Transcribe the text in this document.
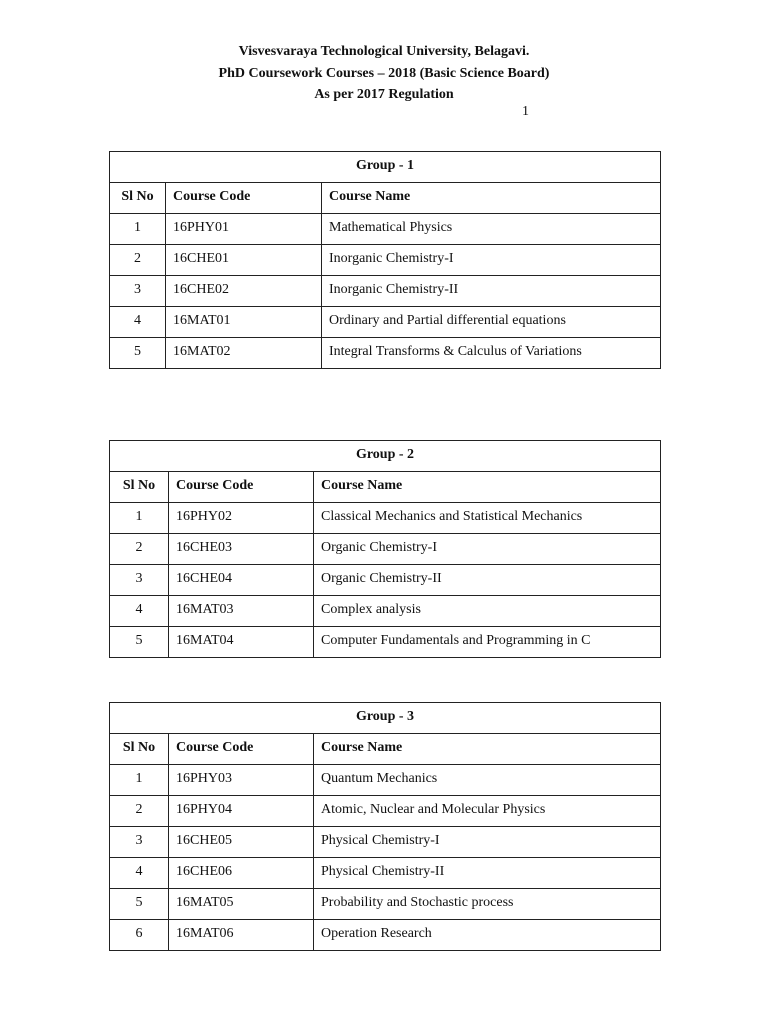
Visvesvaraya Technological University, Belagavi.
PhD Coursework Courses – 2018 (Basic Science Board)
As per 2017 Regulation
1
Group - 1		
Sl No	Course Code	Course Name
1	16PHY01	Mathematical Physics
2	16CHE01	Inorganic Chemistry-I
3	16CHE02	Inorganic Chemistry-II
4	16MAT01	Ordinary and Partial differential equations
5	16MAT02	Integral Transforms & Calculus of Variations
Group - 2		
Sl No	Course Code	Course Name
1	16PHY02	Classical Mechanics and Statistical Mechanics
2	16CHE03	Organic Chemistry-I
3	16CHE04	Organic Chemistry-II
4	16MAT03	Complex analysis
5	16MAT04	Computer Fundamentals and Programming in C
Group - 3		
Sl No	Course Code	Course Name
1	16PHY03	Quantum Mechanics
2	16PHY04	Atomic, Nuclear and Molecular Physics
3	16CHE05	Physical Chemistry-I
4	16CHE06	Physical Chemistry-II
5	16MAT05	Probability and Stochastic process
6	16MAT06	Operation Research
